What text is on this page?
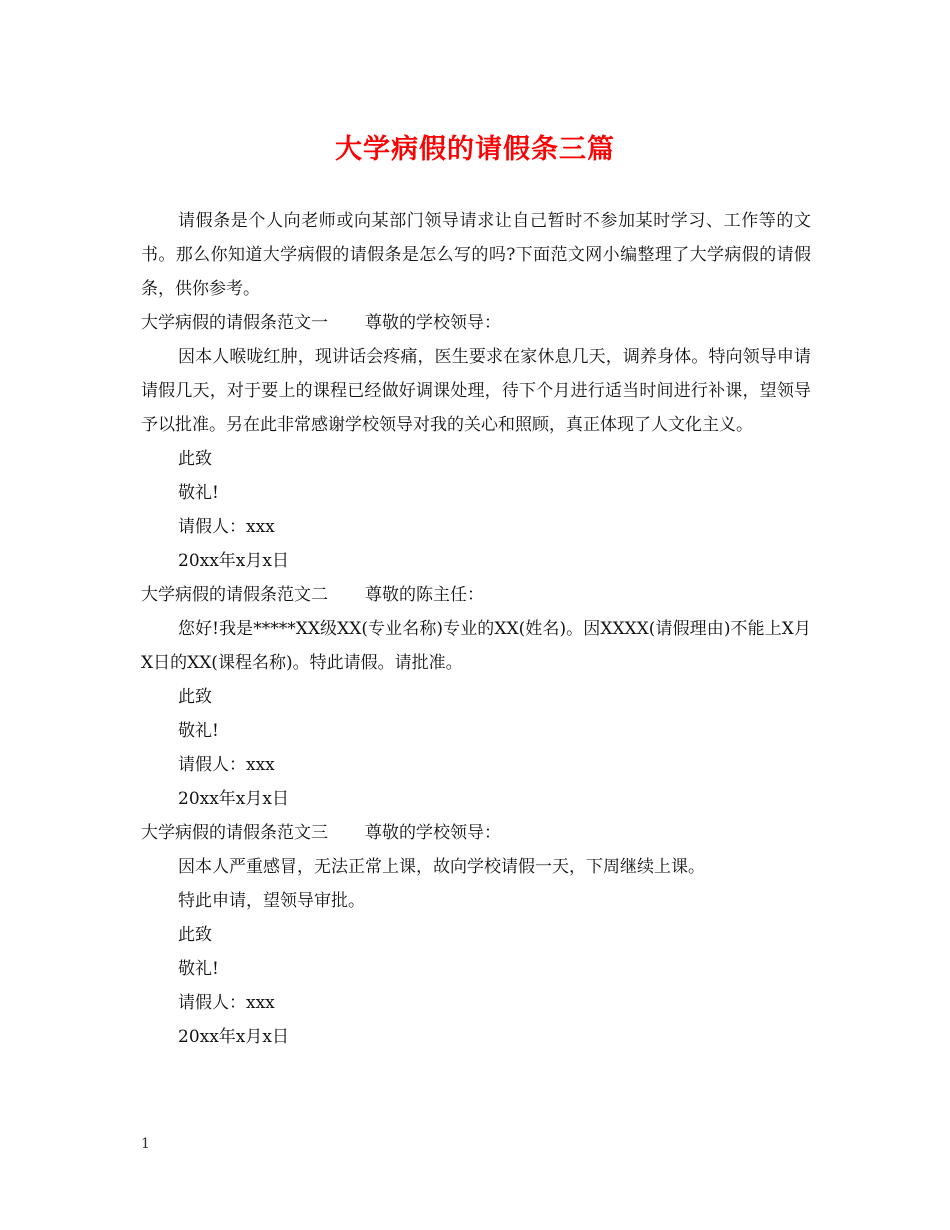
大学病假的请假条三篇

请假条是个人向老师或向某部门领导请求让自己暂时不参加某时学习、工作等的文书。那么你知道大学病假的请假条是怎么写的吗?下面范文网小编整理了大学病假的请假条，供你参考。

大学病假的请假条范文一 尊敬的学校领导：

因本人喉咙红肿，现讲话会疼痛，医生要求在家休息几天，调养身体。特向领导申请请假几天，对于要上的课程已经做好调课处理，待下个月进行适当时间进行补课，望领导予以批准。另在此非常感谢学校领导对我的关心和照顾，真正体现了人文化主义。

此致

敬礼!

请假人：xxx

20xx年x月x日

大学病假的请假条范文二 尊敬的陈主任：

您好!我是*****XX级XX(专业名称)专业的XX(姓名)。因XXXX(请假理由)不能上X月X日的XX(课程名称)。特此请假。请批准。

此致

敬礼!

请假人：xxx

20xx年x月x日

大学病假的请假条范文三 尊敬的学校领导：

因本人严重感冒，无法正常上课，故向学校请假一天，下周继续上课。

特此申请，望领导审批。

此致

敬礼!

请假人：xxx

20xx年x月x日

1
